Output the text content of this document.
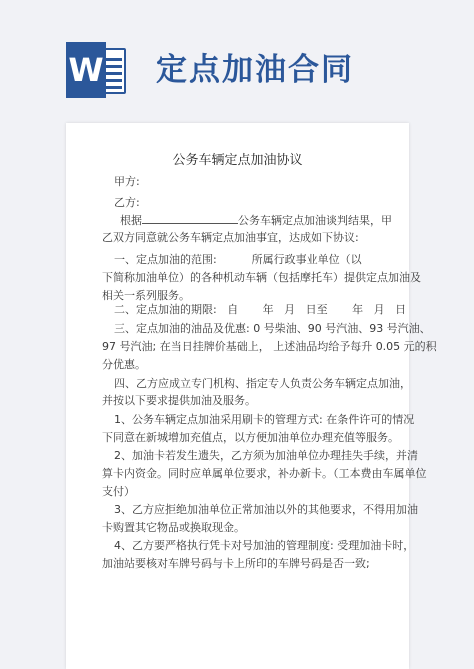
W 定点加油合同
公务车辆定点加油协议
甲方:
乙方:
根据	公务车辆定点加油谈判结果，甲
乙双方同意就公务车辆定点加油事宜，达成如下协议:
一、定点加油的范围:          所属行政事业单位（以
下简称加油单位）的各种机动车辆（包括摩托车）提供定点加油及
相关一系列服务。
二、定点加油的期限:   自       年   月   日至       年   月   日
三、定点加油的油品及优惠: 0 号柴油、90 号汽油、93 号汽油、
97 号汽油; 在当日挂牌价基础上， 上述油品均给予每升 0.05 元的积
分优惠。
四、乙方应成立专门机构、指定专人负责公务车辆定点加油，
并按以下要求提供加油及服务。
1、公务车辆定点加油采用刷卡的管理方式: 在条件许可的情况
下同意在新城增加充值点，以方便加油单位办理充值等服务。
2、加油卡若发生遗失，乙方须为加油单位办理挂失手续，并清
算卡内资金。同时应单属单位要求，补办新卡。（工本费由车属单位
支付）
3、乙方应拒绝加油单位正常加油以外的其他要求，不得用加油
卡购置其它物品或换取现金。
4、乙方要严格执行凭卡对号加油的管理制度: 受理加油卡时，
加油站要核对车牌号码与卡上所印的车牌号码是否一致;
